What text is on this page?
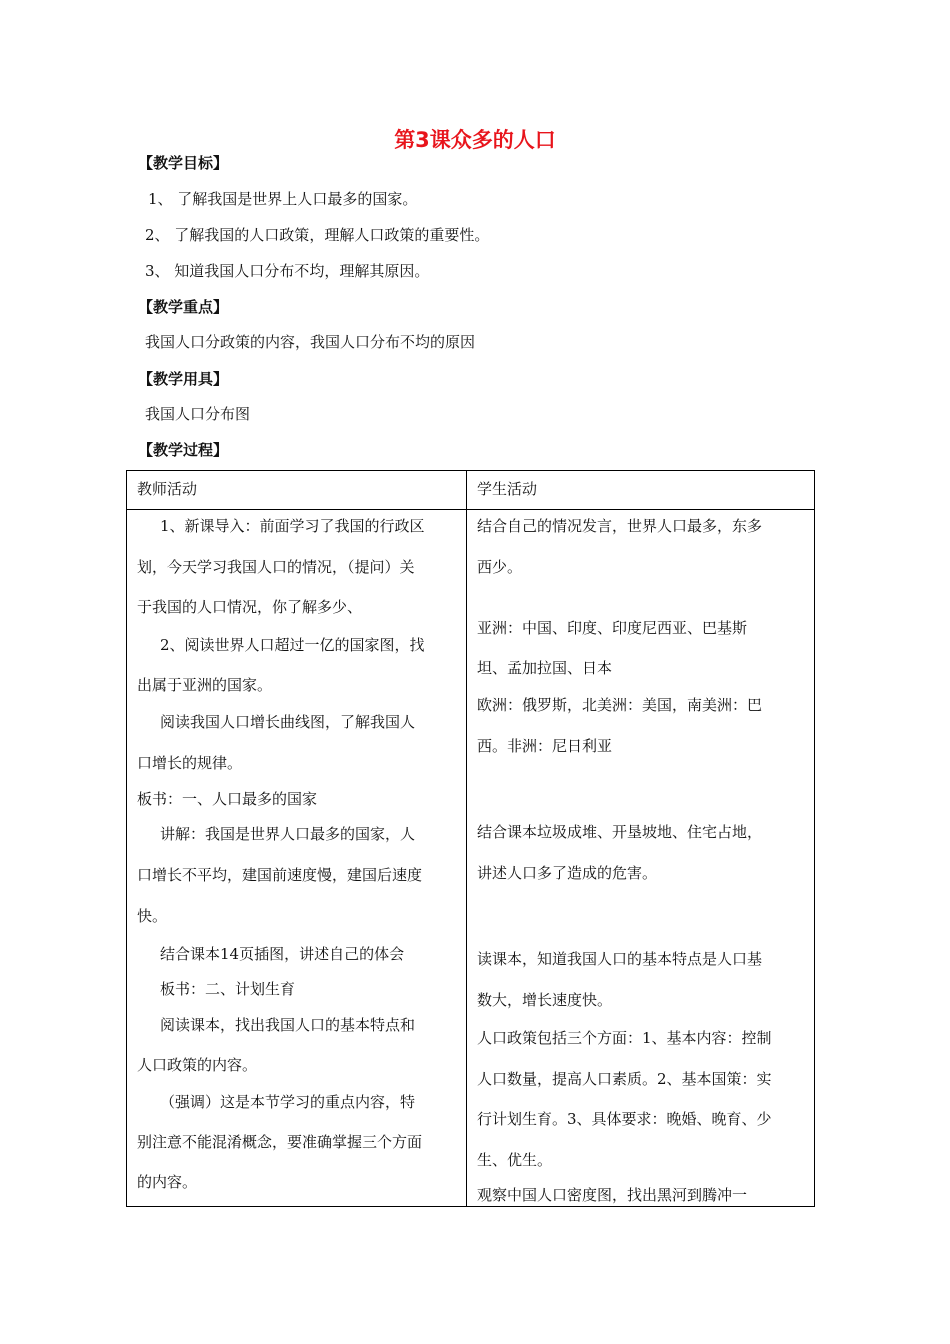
第3课众多的人口
【教学目标】
1、 了解我国是世界上人口最多的国家。
2、 了解我国的人口政策，理解人口政策的重要性。
3、 知道我国人口分布不均，理解其原因。
【教学重点】
我国人口分政策的内容，我国人口分布不均的原因
【教学用具】
我国人口分布图
【教学过程】
教师活动	学生活动
1、新课导入：前面学习了我国的行政区
划，今天学习我国人口的情况，（提问）关
于我国的人口情况，你了解多少、
2、阅读世界人口超过一亿的国家图，找
出属于亚洲的国家。
阅读我国人口增长曲线图，了解我国人
口增长的规律。
板书：一、人口最多的国家
讲解：我国是世界人口最多的国家，人
口增长不平均，建国前速度慢，建国后速度
快。
结合课本14页插图，讲述自己的体会
板书：二、计划生育
阅读课本，找出我国人口的基本特点和
人口政策的内容。
（强调）这是本节学习的重点内容，特
别注意不能混淆概念，要准确掌握三个方面
的内容。
结合自己的情况发言，世界人口最多，东多
西少。
亚洲：中国、印度、印度尼西亚、巴基斯
坦、孟加拉国、日本
欧洲：俄罗斯，北美洲：美国，南美洲：巴
西。非洲：尼日利亚
结合课本垃圾成堆、开垦坡地、住宅占地，
讲述人口多了造成的危害。
读课本，知道我国人口的基本特点是人口基
数大，增长速度快。
人口政策包括三个方面：1、基本内容：控制
人口数量，提高人口素质。2、基本国策：实
行计划生育。3、具体要求：晚婚、晚育、少
生、优生。
观察中国人口密度图，找出黑河到腾冲一
